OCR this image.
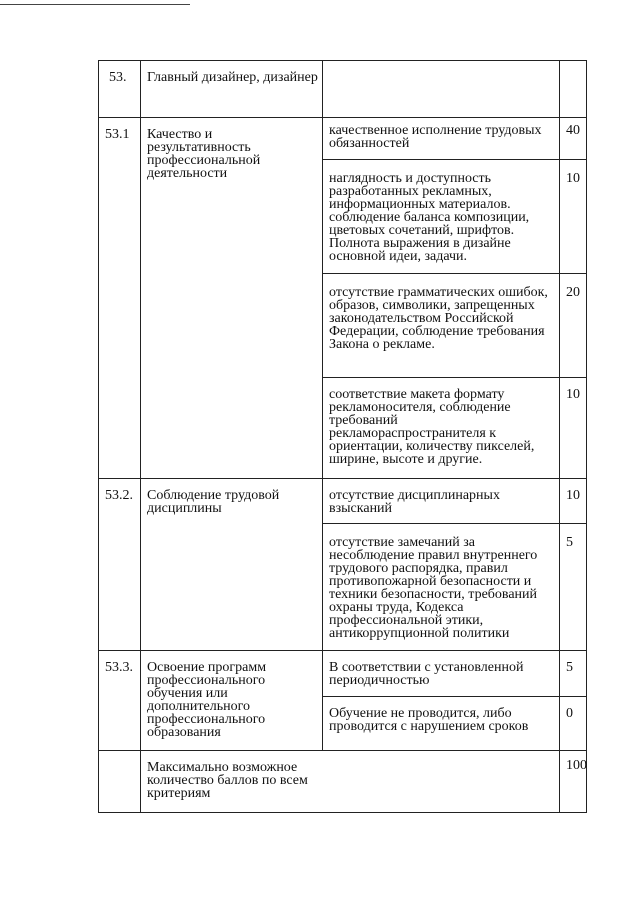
53.	Главный дизайнер, дизайнер		
53.1	Качество и результативность профессиональной деятельности	качественное исполнение трудовых обязанностей	40
		наглядность и доступность разработанных рекламных, информационных материалов. соблюдение баланса композиции, цветовых сочетаний, шрифтов. Полнота выражения в дизайне основной идеи, задачи.	10
		отсутствие грамматических ошибок, образов, символики, запрещенных законодательством Российской Федерации, соблюдение требования Закона о рекламе.	20
		соответствие макета формату рекламоносителя, соблюдение требований рекламораспространителя к ориентации, количеству пикселей, ширине, высоте и другие.	10
53.2.	Соблюдение трудовой дисциплины	отсутствие дисциплинарных взысканий	10
		отсутствие замечаний за несоблюдение правил внутреннего трудового распорядка, правил противопожарной безопасности и техники безопасности, требований охраны труда, Кодекса профессиональной этики, антикоррупционной политики	5
53.3.	Освоение программ профессионального обучения или дополнительного профессионального образования	В соответствии с установленной периодичностью	5
		Обучение не проводится, либо проводится с нарушением сроков	0

	Максимально возможное количество баллов по всем критериям		100
